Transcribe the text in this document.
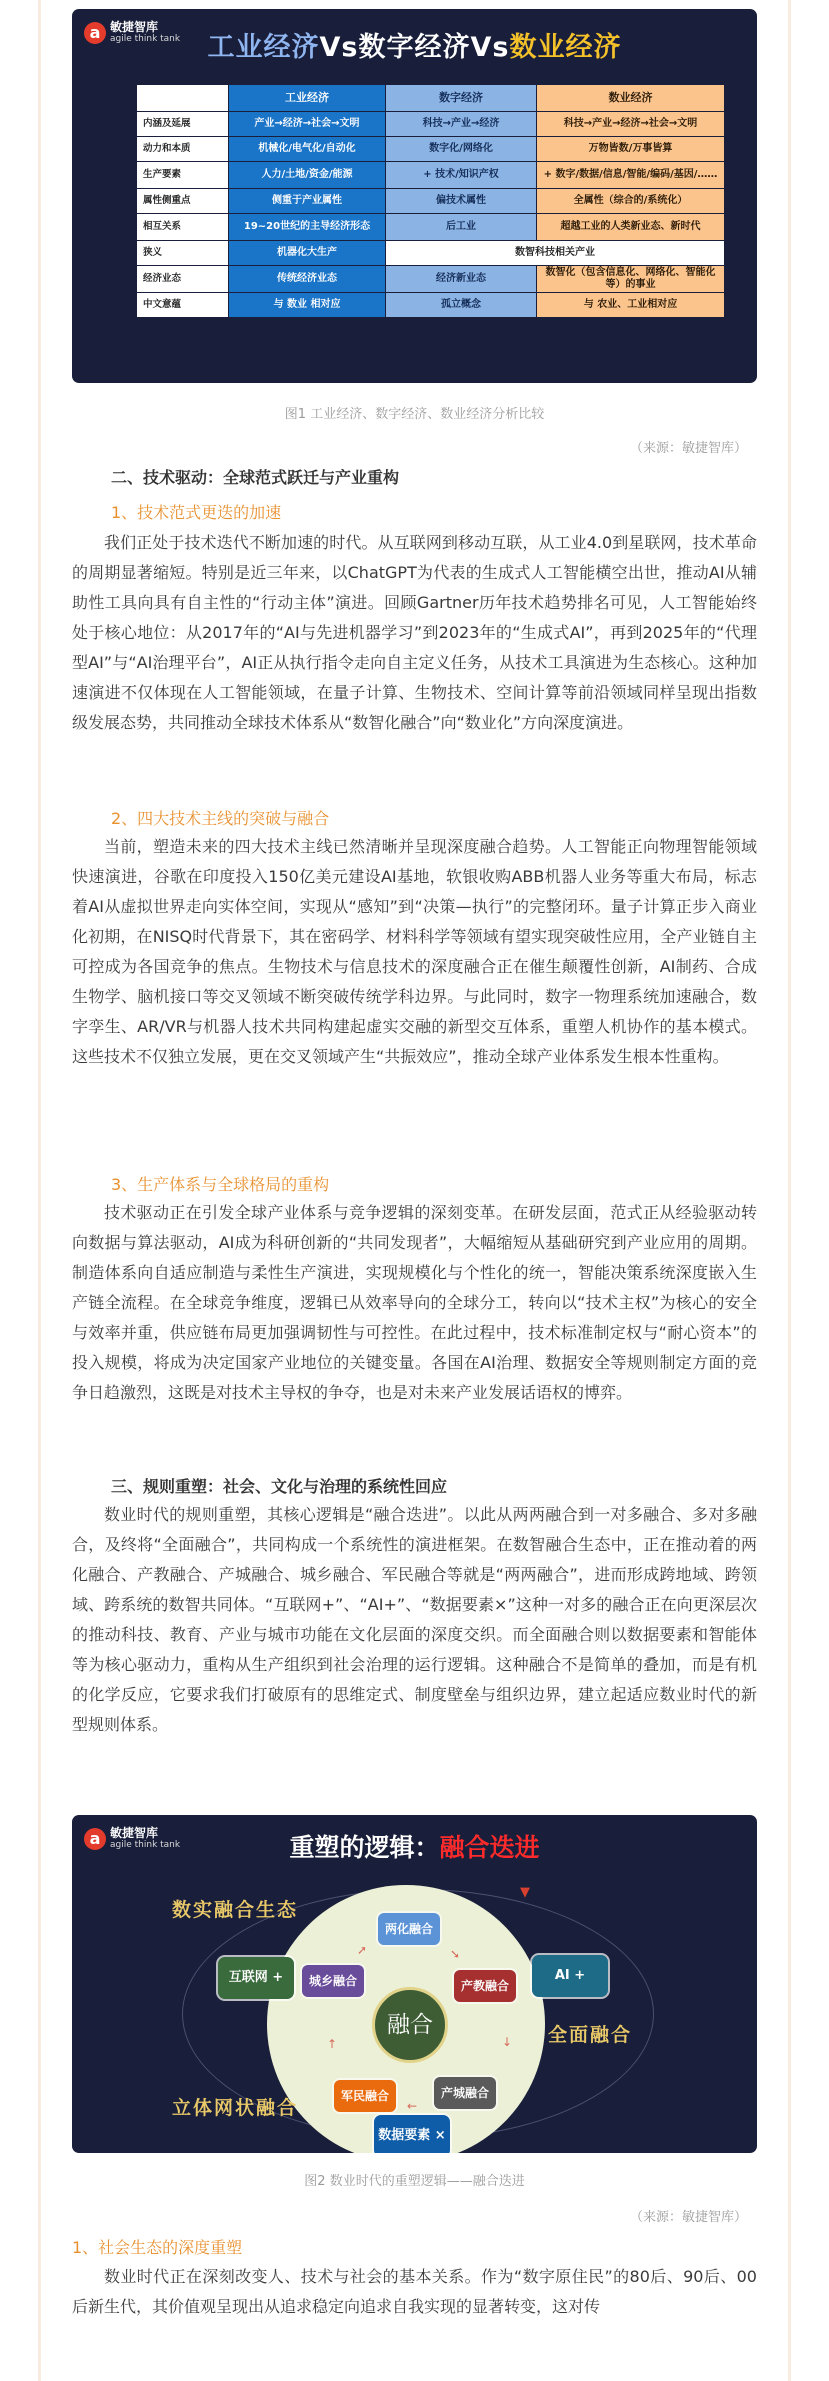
a 敏捷智库
agile think tank	工业经济Vs数字经济Vs数业经济
	工业经济	数字经济	数业经济
内涵及延展	产业→经济→社会→文明	科技→产业→经济	科技→产业→经济→社会→文明
动力和本质	机械化/电气化/自动化	数字化/网络化	万物皆数/万事皆算
生产要素	人力/土地/资金/能源	+ 技术/知识产权	+ 数字/数据/信息/智能/编码/基因/……
属性侧重点	侧重于产业属性	偏技术属性	全属性（综合的/系统化）
相互关系	19~20世纪的主导经济形态	后工业	超越工业的人类新业态、新时代
狭义	机器化大生产	数智科技相关产业	
经济业态	传统经济业态	经济新业态	数智化（包含信息化、网络化、智能化等）的事业
中文意蕴	与 数业 相对应	孤立概念	与 农业、工业相对应
图1 工业经济、数字经济、数业经济分析比较
（来源：敏捷智库）
二、技术驱动：全球范式跃迁与产业重构
1、技术范式更迭的加速

我们正处于技术迭代不断加速的时代。从互联网到移动互联，从工业4.0到星联网，技术革命的周期显著缩短。特别是近三年来，以ChatGPT为代表的生成式人工智能横空出世，推动AI从辅助性工具向具有自主性的“行动主体”演进。回顾Gartner历年技术趋势排名可见，人工智能始终处于核心地位：从2017年的“AI与先进机器学习”到2023年的“生成式AI”，再到2025年的“代理型AI”与“AI治理平台”，AI正从执行指令走向自主定义任务，从技术工具演进为生态核心。这种加速演进不仅体现在人工智能领域，在量子计算、生物技术、空间计算等前沿领域同样呈现出指数级发展态势，共同推动全球技术体系从“数智化融合”向“数业化”方向深度演进。

2、四大技术主线的突破与融合

当前，塑造未来的四大技术主线已然清晰并呈现深度融合趋势。人工智能正向物理智能领域快速演进，谷歌在印度投入150亿美元建设AI基地，软银收购ABB机器人业务等重大布局，标志着AI从虚拟世界走向实体空间，实现从“感知”到“决策—执行”的完整闭环。量子计算正步入商业化初期，在NISQ时代背景下，其在密码学、材料科学等领域有望实现突破性应用，全产业链自主可控成为各国竞争的焦点。生物技术与信息技术的深度融合正在催生颠覆性创新，AI制药、合成生物学、脑机接口等交叉领域不断突破传统学科边界。与此同时，数字一物理系统加速融合，数字孪生、AR/VR与机器人技术共同构建起虚实交融的新型交互体系，重塑人机协作的基本模式。这些技术不仅独立发展，更在交叉领域产生“共振效应”，推动全球产业体系发生根本性重构。

3、生产体系与全球格局的重构

技术驱动正在引发全球产业体系与竞争逻辑的深刻变革。在研发层面，范式正从经验驱动转向数据与算法驱动，AI成为科研创新的“共同发现者”，大幅缩短从基础研究到产业应用的周期。制造体系向自适应制造与柔性生产演进，实现规模化与个性化的统一，智能决策系统深度嵌入生产链全流程。在全球竞争维度，逻辑已从效率导向的全球分工，转向以“技术主权”为核心的安全与效率并重，供应链布局更加强调韧性与可控性。在此过程中，技术标准制定权与“耐心资本”的投入规模，将成为决定国家产业地位的关键变量。各国在AI治理、数据安全等规则制定方面的竞争日趋激烈，这既是对技术主导权的争夺，也是对未来产业发展话语权的博弈。

三、规则重塑：社会、文化与治理的系统性回应

数业时代的规则重塑，其核心逻辑是“融合迭进”。以此从两两融合到一对多融合、多对多融合，及终将“全面融合”，共同构成一个系统性的演进框架。在数智融合生态中，正在推动着的两化融合、产教融合、产城融合、城乡融合、军民融合等就是“两两融合”，进而形成跨地域、跨领域、跨系统的数智共同体。“互联网+”、“AI+”、“数据要素×”这种一对多的融合正在向更深层次的推动科技、教育、产业与城市功能在文化层面的深度交织。而全面融合则以数据要素和智能体等为核心驱动力，重构从生产组织到社会治理的运行逻辑。这种融合不是简单的叠加，而是有机的化学反应，它要求我们打破原有的思维定式、制度壁垒与组织边界，建立起适应数业时代的新型规则体系。

a 敏捷智库
agile think tank	重塑的逻辑：融合迭进
融合
两化融合
城乡融合	产教融合
军民融合	产城融合
➚	➘
↓
←
↑
互联网 +	AI +
数据要素 ×
▼
数实融合生态
全面融合
立体网状融合
图2 数业时代的重塑逻辑——融合迭进
（来源：敏捷智库）
1、社会生态的深度重塑

数业时代正在深刻改变人、技术与社会的基本关系。作为“数字原住民”的80后、90后、00后新生代，其价值观呈现出从追求稳定向追求自我实现的显著转变，这对传
